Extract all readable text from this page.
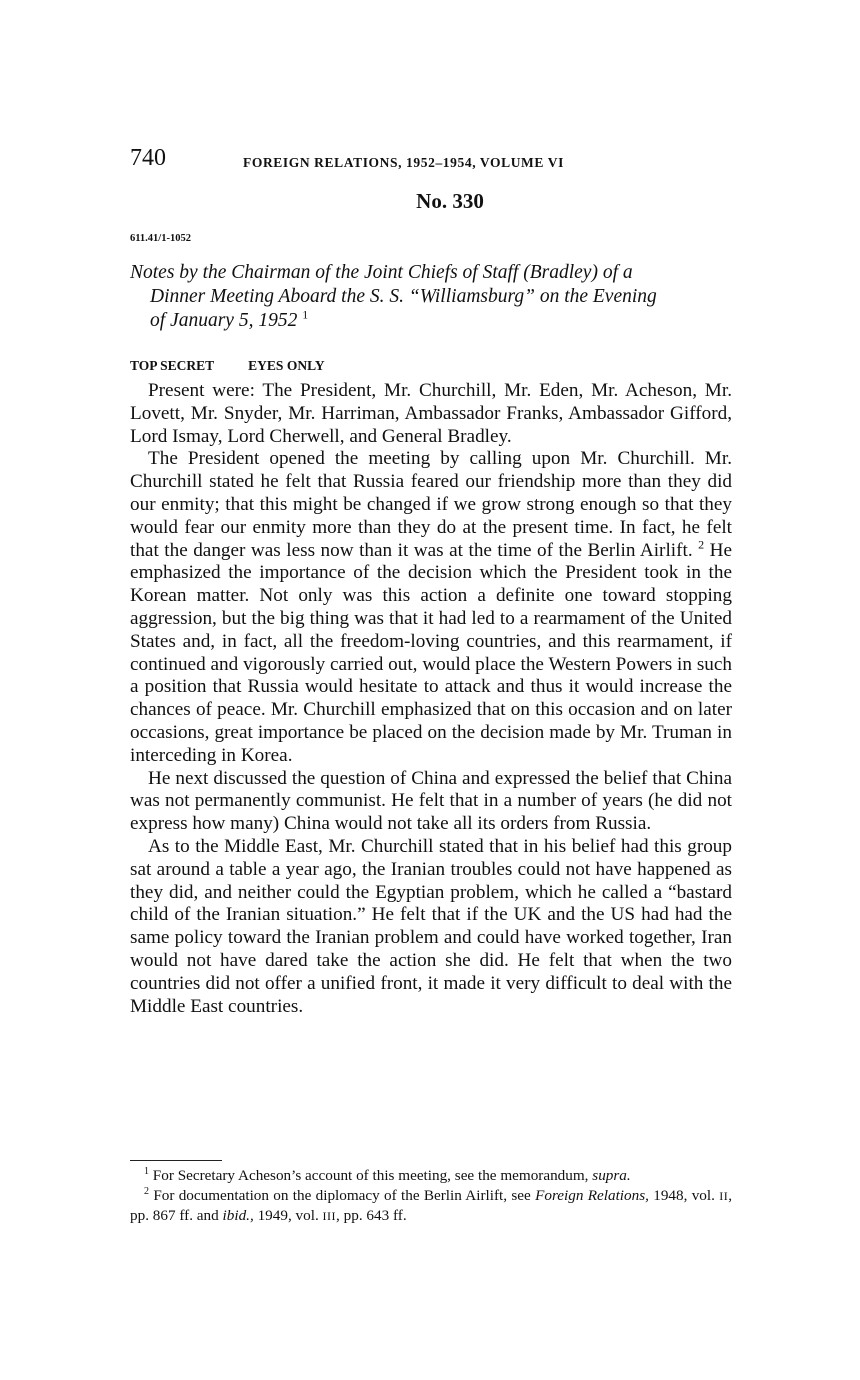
740	FOREIGN RELATIONS, 1952–1954, VOLUME VI
No. 330
611.41/1-1052
Notes by the Chairman of the Joint Chiefs of Staff (Bradley) of a
Dinner Meeting Aboard the S. S. “Williamsburg” on the Evening
of January 5, 1952 $^1$
TOP SECRET	EYES ONLY

Present were: The President, Mr. Churchill, Mr. Eden, Mr. Acheson, Mr. Lovett, Mr. Snyder, Mr. Harriman, Ambassador Franks, Ambassador Gifford, Lord Ismay, Lord Cherwell, and General Bradley.

The President opened the meeting by calling upon Mr. Churchill. Mr. Churchill stated he felt that Russia feared our friendship more than they did our enmity; that this might be changed if we grow strong enough so that they would fear our enmity more than they do at the present time. In fact, he felt that the danger was less now than it was at the time of the Berlin Airlift. $^2$ He emphasized the importance of the decision which the President took in the Korean matter. Not only was this action a definite one toward stopping aggression, but the big thing was that it had led to a rearmament of the United States and, in fact, all the freedom-loving countries, and this rearmament, if continued and vigorously carried out, would place the Western Powers in such a position that Russia would hesitate to attack and thus it would increase the chances of peace. Mr. Churchill emphasized that on this occasion and on later occasions, great importance be placed on the decision made by Mr. Truman in interceding in Korea.

He next discussed the question of China and expressed the belief that China was not permanently communist. He felt that in a number of years (he did not express how many) China would not take all its orders from Russia.

As to the Middle East, Mr. Churchill stated that in his belief had this group sat around a table a year ago, the Iranian troubles could not have happened as they did, and neither could the Egyptian problem, which he called a “bastard child of the Iranian situation.” He felt that if the UK and the US had had the same policy toward the Iranian problem and could have worked together, Iran would not have dared take the action she did. He felt that when the two countries did not offer a unified front, it made it very difficult to deal with the Middle East countries.

$^1$ For Secretary Acheson’s account of this meeting, see the memorandum, supra.

$^2$ For documentation on the diplomacy of the Berlin Airlift, see Foreign Relations, 1948, vol. II, pp. 867 ff. and ibid., 1949, vol. III, pp. 643 ff.
